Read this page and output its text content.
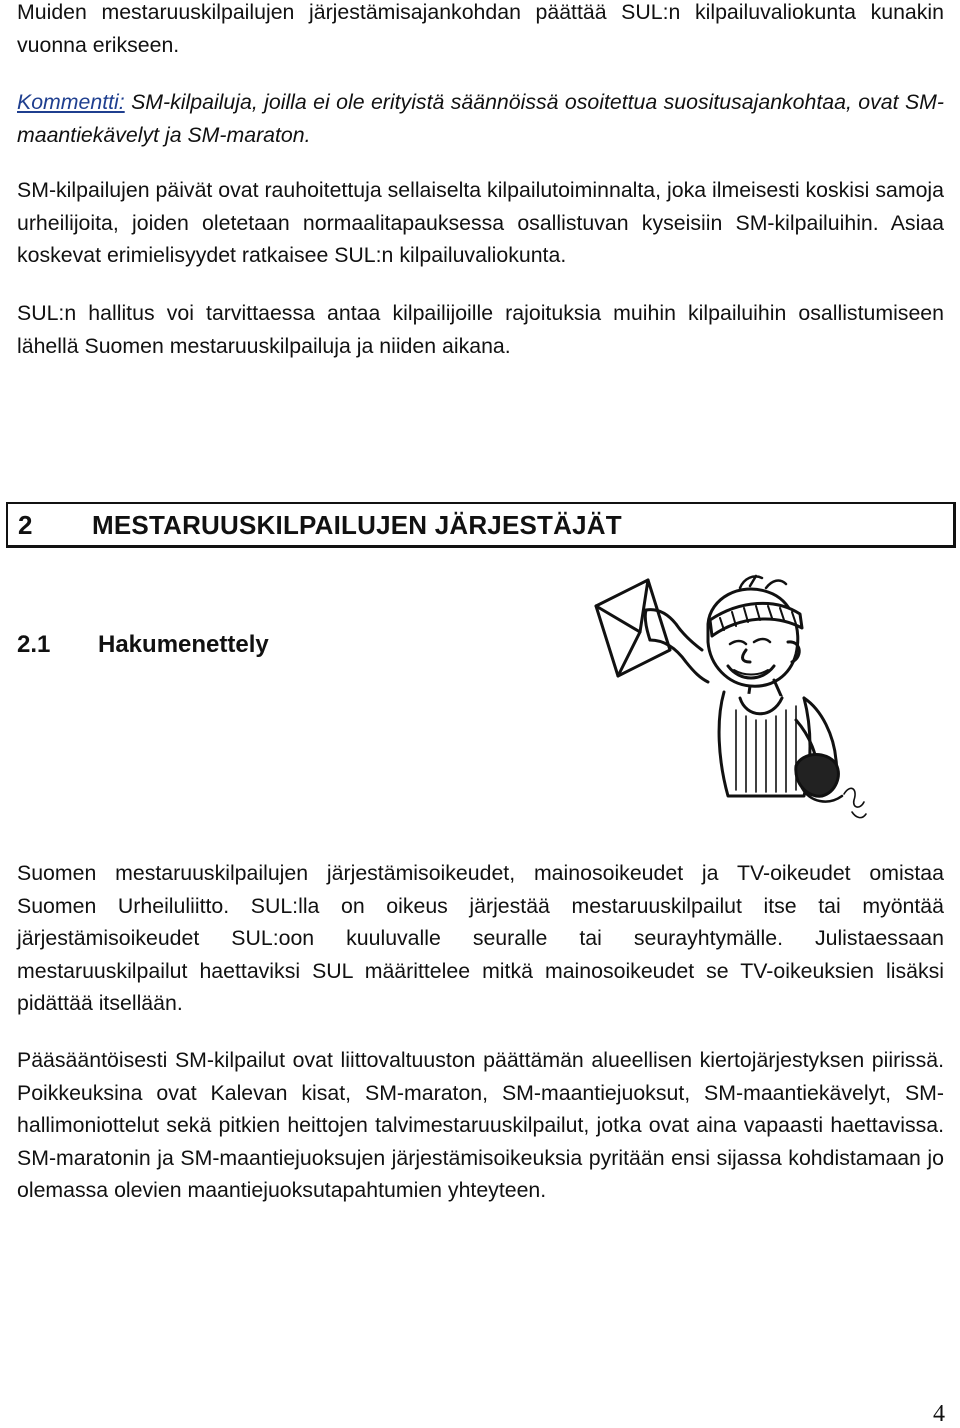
Muiden mestaruuskilpailujen järjestämisajankohdan päättää SUL:n kilpailuvaliokunta kunakin vuonna erikseen.

Kommentti: SM-kilpailuja, joilla ei ole erityistä säännöissä osoitettua suositusajankohtaa, ovat SM-maantiekävelyt ja SM-maraton.

SM-kilpailujen päivät ovat rauhoitettuja sellaiselta kilpailutoiminnalta, joka ilmeisesti koskisi samoja urheilijoita, joiden oletetaan normaalitapauksessa osallistuvan kyseisiin SM-kilpailuihin. Asiaa koskevat erimielisyydet ratkaisee SUL:n kilpailuvaliokunta.

SUL:n hallitus voi tarvittaessa antaa kilpailijoille rajoituksia muihin kilpailuihin osallistumiseen lähellä Suomen mestaruuskilpailuja ja niiden aikana.

2 MESTARUUSKILPAILUJEN JÄRJESTÄJÄT
2.1 Hakumenettely

Suomen mestaruuskilpailujen järjestämisoikeudet, mainosoikeudet ja TV-oikeudet omistaa Suomen Urheiluliitto. SUL:lla on oikeus järjestää mestaruuskilpailut itse tai myöntää järjestämisoikeudet SUL:oon kuuluvalle seuralle tai seurayhtymälle. Julistaessaan mestaruuskilpailut haettaviksi SUL määrittelee mitkä mainosoikeudet se TV-oikeuksien lisäksi pidättää itsellään.

Pääsääntöisesti SM-kilpailut ovat liittovaltuuston päättämän alueellisen kiertojärjestyksen piirissä. Poikkeuksina ovat Kalevan kisat, SM-maraton, SM-maantiejuoksut, SM-maantiekävelyt, SM-hallimoniottelut sekä pitkien heittojen talvimestaruuskilpailut, jotka ovat aina vapaasti haettavissa. SM-maratonin ja SM-maantiejuoksujen järjestämisoikeuksia pyritään ensi sijassa kohdistamaan jo olemassa olevien maantiejuoksutapahtumien yhteyteen.

4
